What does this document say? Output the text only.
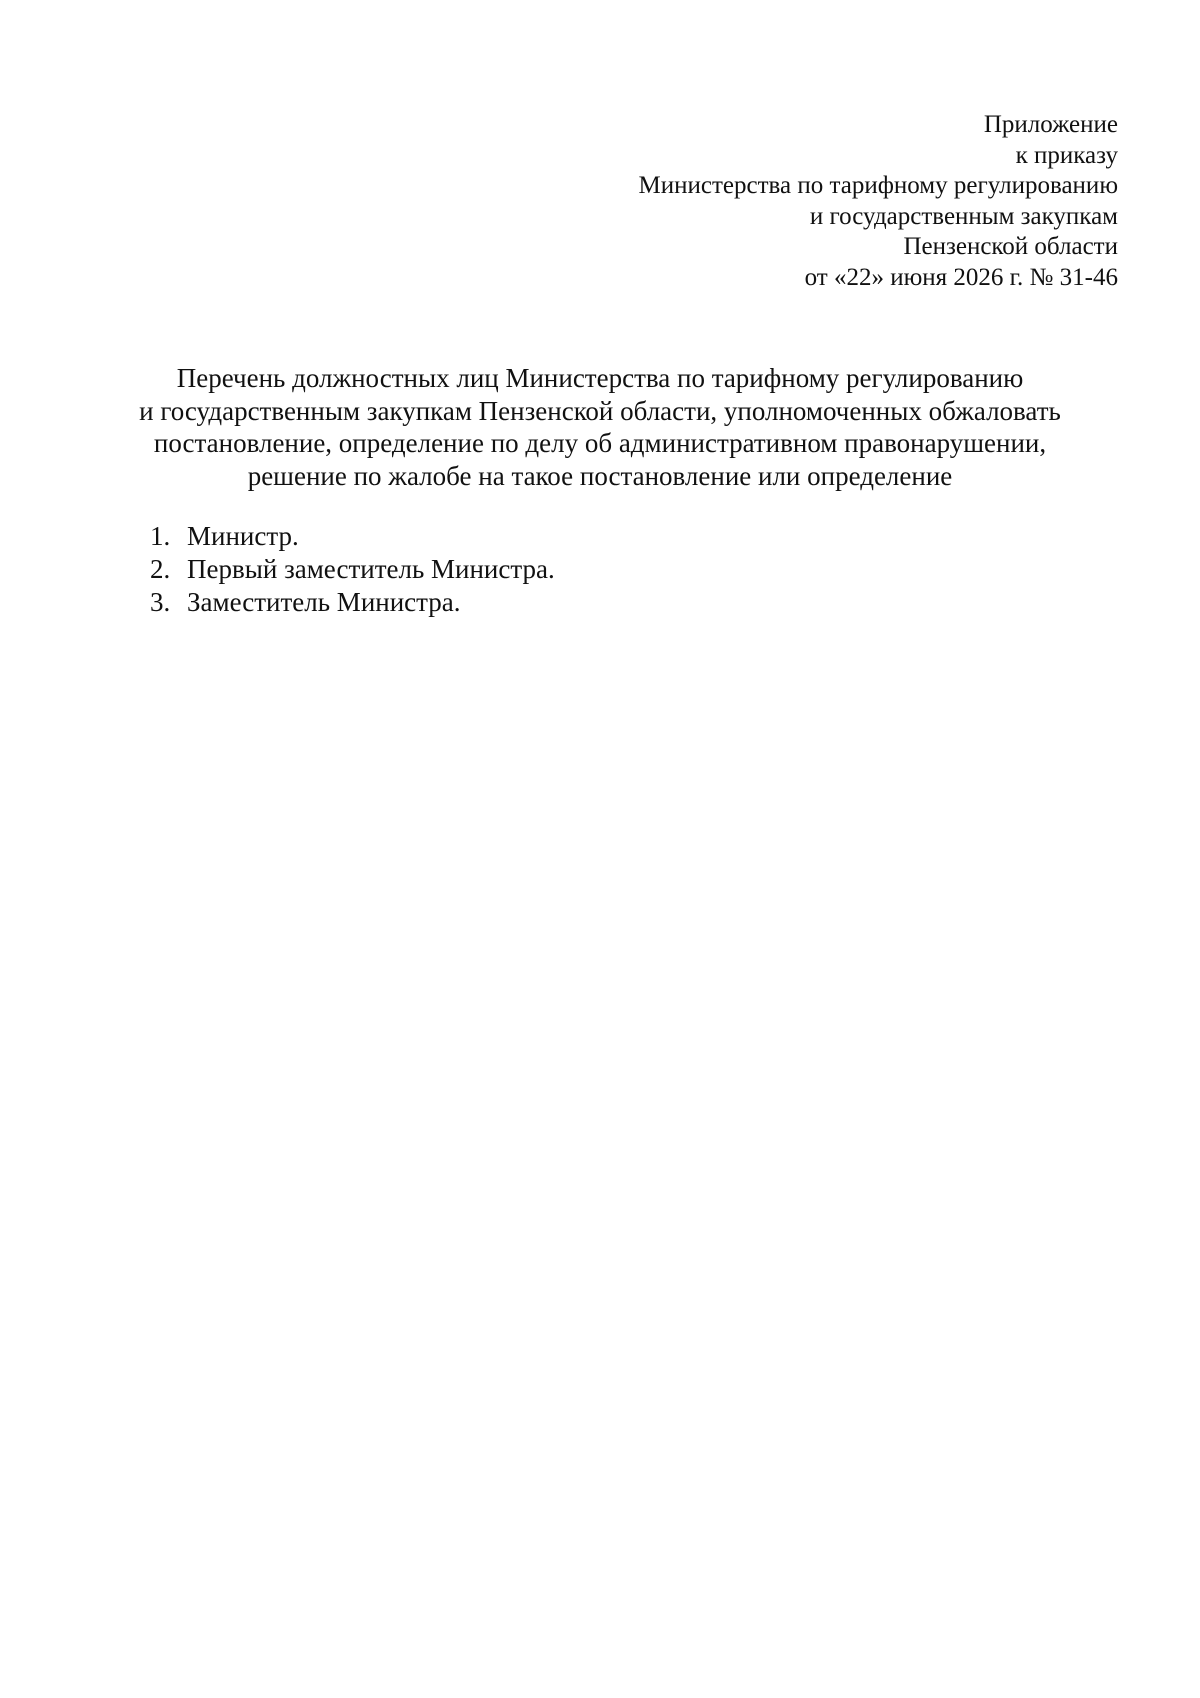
Приложение
к приказу
Министерства по тарифному регулированию
и государственным закупкам
Пензенской области
от «22» июня 2026 г. № 31-46
Перечень должностных лиц Министерства по тарифному регулированию
и государственным закупкам Пензенской области, уполномоченных обжаловать
постановление, определение по делу об административном правонарушении,
решение по жалобе на такое постановление или определение
1. Министр.
2. Первый заместитель Министра.
3. Заместитель Министра.
